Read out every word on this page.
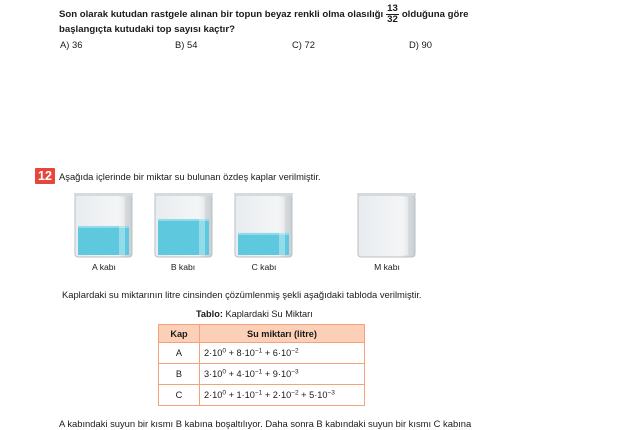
Son olarak kutudan rastgele alınan bir topun beyaz renkli olma olasılığı $\frac{13}{32}$ olduğuna göre
başlangıçta kutudaki top sayısı kaçtır?
A) 36	B) 54	C) 72	D) 90
12 Aşağıda içlerinde bir miktar su bulunan özdeş kaplar verilmiştir.
A kabı	B kabı	C kabı	M kabı
Kaplardaki su miktarının litre cinsinden çözümlenmiş şekli aşağıdaki tabloda verilmiştir.
Tablo: Kaplardaki Su Miktarı
Kap	Su miktarı (litre)
A	$2\cdot 10^0 + 8\cdot 10^{-1} + 6\cdot 10^{-2}$
B	$3\cdot 10^0 + 4\cdot 10^{-1} + 9\cdot 10^{-3}$
C	$2\cdot 10^0 + 1\cdot 10^{-1} + 2\cdot 10^{-2} + 5\cdot 10^{-3}$
A kabındaki suyun bir kısmı B kabına boşaltılıyor. Daha sonra B kabındaki suyun bir kısmı C kabına
